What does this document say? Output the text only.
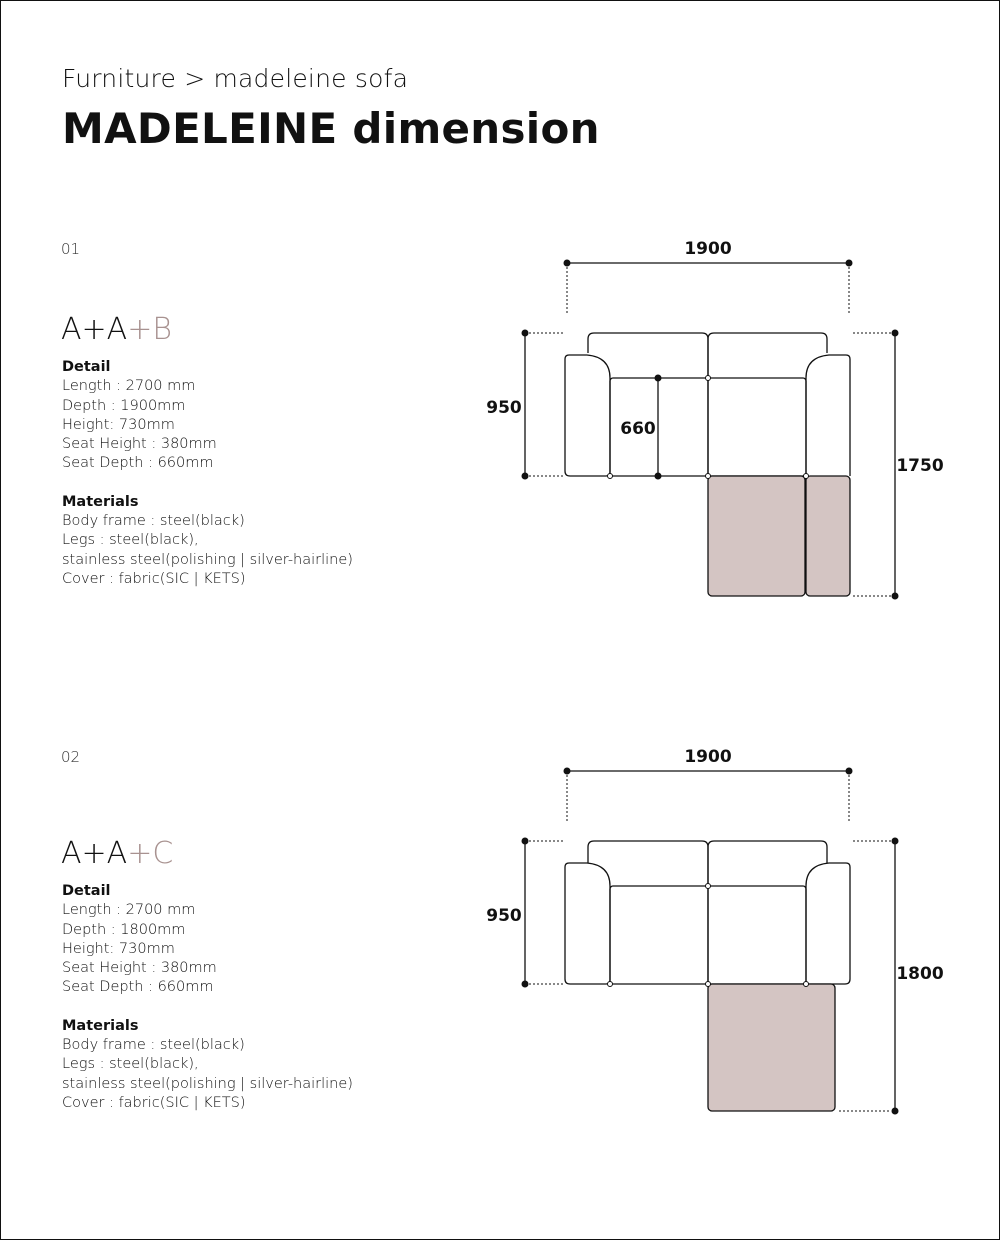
Furniture > madeleine sofa
MADELEINE dimension
01
A+A+B
Detail
Length : 2700 mm
Depth : 1900mm
Height: 730mm
Seat Height : 380mm
Seat Depth : 660mm
Materials
Body frame : steel(black)
Legs : steel(black),
stainless steel(polishing | silver-hairline)
Cover : fabric(SIC | KETS)
1900
950
660
1750
02
A+A+C
Detail
Length : 2700 mm
Depth : 1800mm
Height: 730mm
Seat Height : 380mm
Seat Depth : 660mm
Materials
Body frame : steel(black)
Legs : steel(black),
stainless steel(polishing | silver-hairline)
Cover : fabric(SIC | KETS)
1900
950
1800
